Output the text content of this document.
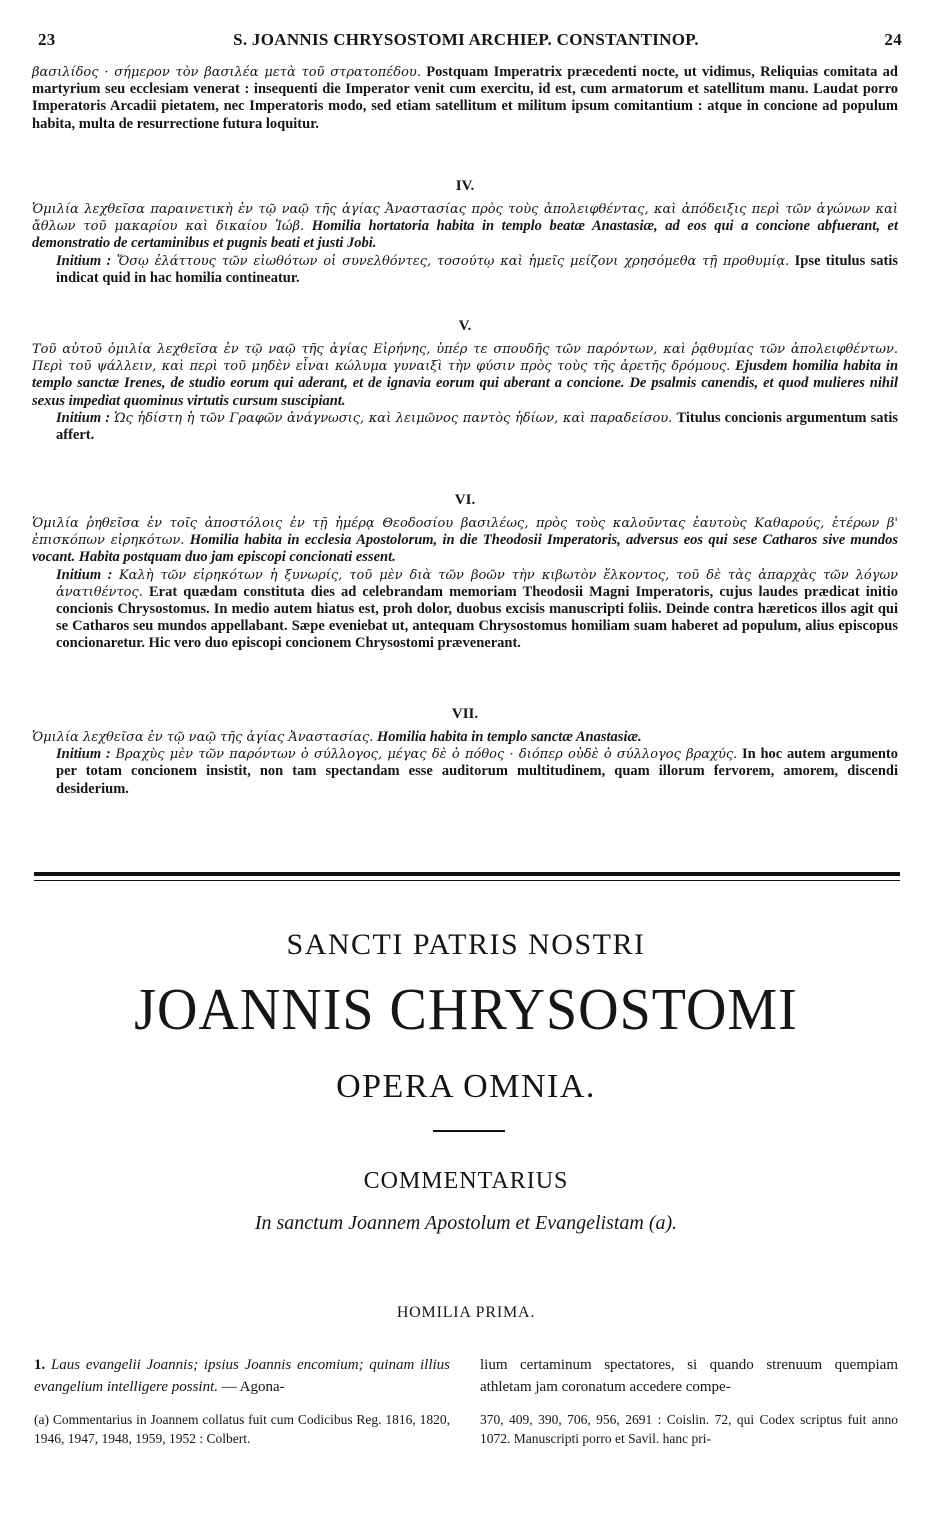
23	S. JOANNIS CHRYSOSTOMI ARCHIEP. CONSTANTINOP.	24

βασιλίδος · σήμερον τὸν βασιλέα μετὰ τοῦ στρατοπέδου. Postquam Imperatrix præcedenti nocte, ut vidimus, Reliquias comitata ad martyrium seu ecclesiam venerat : insequenti die Imperator venit cum exercitu, id est, cum armatorum et satellitum manu. Laudat porro Imperatoris Arcadii pietatem, nec Imperatoris modo, sed etiam satellitum et militum ipsum comitantium : atque in concione ad populum habita, multa de resurrectione futura loquitur.

IV.

Ὁμιλία λεχθεῖσα παραινετικὴ ἐν τῷ ναῷ τῆς ἁγίας Ἀναστασίας πρὸς τοὺς ἀπολειφθέντας, καὶ ἀπόδειξις περὶ τῶν ἀγώνων καὶ ἄθλων τοῦ μακαρίου καὶ δικαίου Ἰώβ. Homilia hortatoria habita in templo beatæ Anastasiæ, ad eos qui a concione abfuerant, et demonstratio de certaminibus et pugnis beati et justi Jobi.

Initium : Ὅσῳ ἐλάττους τῶν εἰωθότων οἱ συνελθόντες, τοσούτῳ καὶ ἡμεῖς μείζονι χρησόμεθα τῇ προθυμίᾳ. Ipse titulus satis indicat quid in hac homilia contineatur.

V.

Τοῦ αὐτοῦ ὁμιλία λεχθεῖσα ἐν τῷ ναῷ τῆς ἁγίας Εἰρήνης, ὑπέρ τε σπουδῆς τῶν παρόντων, καὶ ῥᾳθυμίας τῶν ἀπολειφθέντων. Περὶ τοῦ ψάλλειν, καὶ περὶ τοῦ μηδὲν εἶναι κώλυμα γυναιξὶ τὴν φύσιν πρὸς τοὺς τῆς ἀρετῆς δρόμους. Ejusdem homilia habita in templo sanctæ Irenes, de studio eorum qui aderant, et de ignavia eorum qui aberant a concione. De psalmis canendis, et quod mulieres nihil sexus impediat quominus virtutis cursum suscipiant.

Initium : Ὡς ἡδίστη ἡ τῶν Γραφῶν ἀνάγνωσις, καὶ λειμῶνος παντὸς ἡδίων, καὶ παραδείσου. Titulus concionis argumentum satis affert.

VI.

Ὁμιλία ῥηθεῖσα ἐν τοῖς ἀποστόλοις ἐν τῇ ἡμέρᾳ Θεοδοσίου βασιλέως, πρὸς τοὺς καλοῦντας ἑαυτοὺς Καθαρούς, ἑτέρων β' ἐπισκόπων εἰρηκότων. Homilia habita in ecclesia Apostolorum, in die Theodosii Imperatoris, adversus eos qui sese Catharos sive mundos vocant. Habita postquam duo jam episcopi concionati essent.

Initium : Καλὴ τῶν εἰρηκότων ἡ ξυνωρίς, τοῦ μὲν διὰ τῶν βοῶν τὴν κιβωτὸν ἕλκοντος, τοῦ δὲ τὰς ἀπαρχὰς τῶν λόγων ἀνατιθέντος. Erat quædam constituta dies ad celebrandam memoriam Theodosii Magni Imperatoris, cujus laudes prædicat initio concionis Chrysostomus. In medio autem hiatus est, proh dolor, duobus excisis manuscripti foliis. Deinde contra hæreticos illos agit qui se Catharos seu mundos appellabant. Sæpe eveniebat ut, antequam Chrysostomus homiliam suam haberet ad populum, alius episcopus concionaretur. Hic vero duo episcopi concionem Chrysostomi prævenerant.

VII.

Ὁμιλία λεχθεῖσα ἐν τῷ ναῷ τῆς ἁγίας Ἀναστασίας. Homilia habita in templo sanctæ Anastasiæ.

Initium : Βραχὺς μὲν τῶν παρόντων ὁ σύλλογος, μέγας δὲ ὁ πόθος · διόπερ οὐδὲ ὁ σύλλογος βραχύς. In hoc autem argumento per totam concionem insistit, non tam spectandam esse auditorum multitudinem, quam illorum fervorem, amorem, discendi desiderium.

SANCTI PATRIS NOSTRI
JOANNIS CHRYSOSTOMI
OPERA OMNIA.
COMMENTARIUS
In sanctum Joannem Apostolum et Evangelistam (a).
HOMILIA PRIMA.
1. Laus evangelii Joannis; ipsius Joannis encomium; quinam illius evangelium intelligere possint. — Agona-
lium certaminum spectatores, si quando strenuum quempiam athletam jam coronatum accedere compe-
(a) Commentarius in Joannem collatus fuit cum Codicibus Reg. 1816, 1820, 1946, 1947, 1948, 1959, 1952 : Colbert.
370, 409, 390, 706, 956, 2691 : Coislin. 72, qui Codex scriptus fuit anno 1072. Manuscripti porro et Savil. hanc pri-
